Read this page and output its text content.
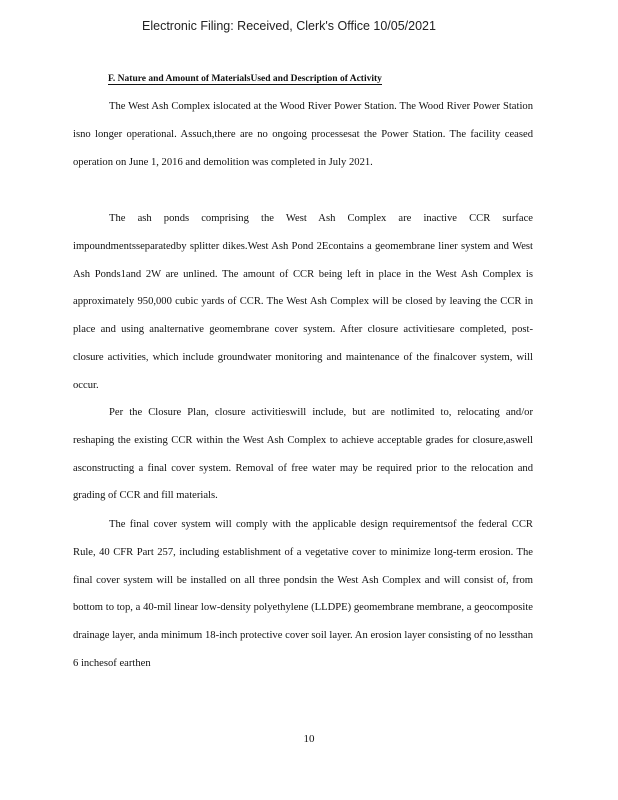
Electronic Filing: Received, Clerk's Office 10/05/2021
F. Nature and Amount of MaterialsUsed and Description of Activity

The West Ash Complex islocated at the Wood River Power Station. The Wood River Power Station isno longer operational. Assuch,there are no ongoing processesat the Power Station. The facility ceased operation on June 1, 2016 and demolition was completed in July 2021.

The ash ponds comprising the West Ash Complex are inactive CCR surface impoundmentsseparatedby splitter dikes.West Ash Pond 2Econtains a geomembrane liner system and West Ash Ponds1and 2W are unlined. The amount of CCR being left in place in the West Ash Complex is approximately 950,000 cubic yards of CCR. The West Ash Complex will be closed by leaving the CCR in place and using analternative geomembrane cover system. After closure activitiesare completed, post-closure activities, which include groundwater monitoring and maintenance of the finalcover system, will occur.

Per the Closure Plan, closure activitieswill include, but are notlimited to, relocating and/or reshaping the existing CCR within the West Ash Complex to achieve acceptable grades for closure,aswell asconstructing a final cover system. Removal of free water may be required prior to the relocation and grading of CCR and fill materials.

The final cover system will comply with the applicable design requirementsof the federal CCR Rule, 40 CFR Part 257, including establishment of a vegetative cover to minimize long-term erosion. The final cover system will be installed on all three pondsin the West Ash Complex and will consist of, from bottom to top, a 40-mil linear low-density polyethylene (LLDPE) geomembrane membrane, a geocomposite drainage layer, anda minimum 18-inch protective cover soil layer. An erosion layer consisting of no lessthan 6 inchesof earthen

10
